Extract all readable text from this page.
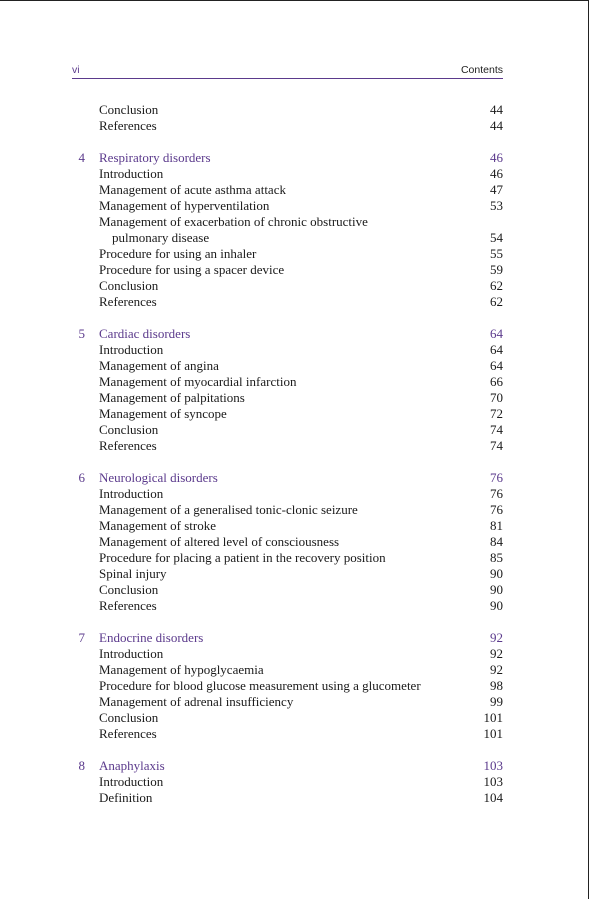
vi	Contents
Conclusion	44
References	44
4 Respiratory disorders	46
Introduction	46
Management of acute asthma attack	47
Management of hyperventilation	53
Management of exacerbation of chronic obstructive
pulmonary disease	54
Procedure for using an inhaler	55
Procedure for using a spacer device	59
Conclusion	62
References	62
5 Cardiac disorders	64
Introduction	64
Management of angina	64
Management of myocardial infarction	66
Management of palpitations	70
Management of syncope	72
Conclusion	74
References	74
6 Neurological disorders	76
Introduction	76
Management of a generalised tonic-clonic seizure	76
Management of stroke	81
Management of altered level of consciousness	84
Procedure for placing a patient in the recovery position	85
Spinal injury	90
Conclusion	90
References	90
7 Endocrine disorders	92
Introduction	92
Management of hypoglycaemia	92
Procedure for blood glucose measurement using a glucometer	98
Management of adrenal insufficiency	99
Conclusion	101
References	101
8 Anaphylaxis	103
Introduction	103
Definition	104
